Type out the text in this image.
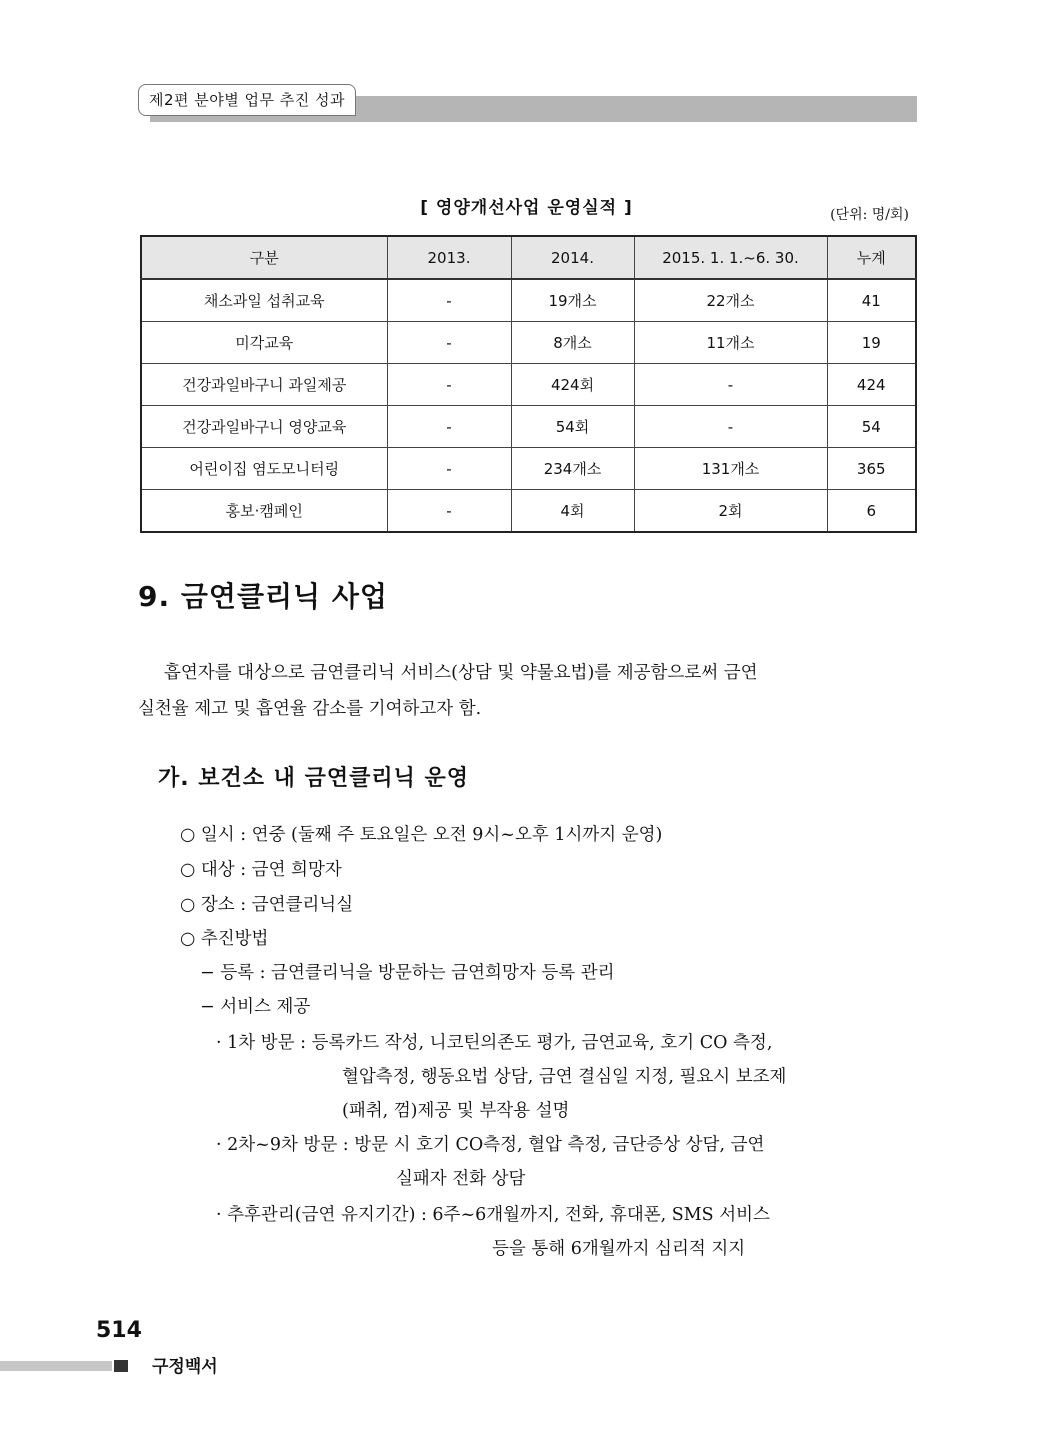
제2편 분야별 업무 추진 성과
[ 영양개선사업 운영실적 ]	(단위: 명/회)
구분	2013.	2014.	2015. 1. 1.~6. 30.	누계
채소과일 섭취교육	-	19개소	22개소	41
미각교육	-	8개소	11개소	19
건강과일바구니 과일제공	-	424회	-	424
건강과일바구니 영양교육	-	54회	-	54
어린이집 염도모니터링	-	234개소	131개소	365
홍보·캠페인	-	4회	2회	6
9. 금연클리닉 사업
흡연자를 대상으로 금연클리닉 서비스(상담 및 약물요법)를 제공함으로써 금연
실천율 제고 및 흡연율 감소를 기여하고자 함.
가. 보건소 내 금연클리닉 운영
○ 일시 : 연중 (둘째 주 토요일은 오전 9시~오후 1시까지 운영)
○ 대상 : 금연 희망자
○ 장소 : 금연클리닉실
○ 추진방법
− 등록 : 금연클리닉을 방문하는 금연희망자 등록 관리
− 서비스 제공
· 1차 방문 : 등록카드 작성, 니코틴의존도 평가, 금연교육, 호기 CO 측정,
혈압측정, 행동요법 상담, 금연 결심일 지정, 필요시 보조제
(패취, 껌)제공 및 부작용 설명
· 2차~9차 방문 : 방문 시 호기 CO측정, 혈압 측정, 금단증상 상담, 금연
실패자 전화 상담
· 추후관리(금연 유지기간) : 6주~6개월까지, 전화, 휴대폰, SMS 서비스
등을 통해 6개월까지 심리적 지지
514
구정백서
